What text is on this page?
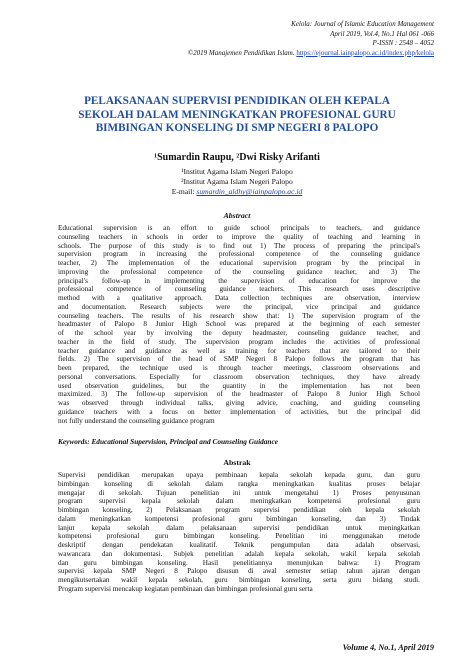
Kelola: Journal of Islamic Education Management
April 2019, Vol.4, No.1 Hal 061 -066
P-ISSN : 2548 – 4052
©2019 Manajemen Pendidikan Islam. https://ejournal.iainpalopo.ac.id/index.php/kelola
PELAKSANAAN SUPERVISI PENDIDIKAN OLEH KEPALA
SEKOLAH DALAM MENINGKATKAN PROFESIONAL GURU
BIMBINGAN KONSELING DI SMP NEGERI 8 PALOPO
¹Sumardin Raupu, ²Dwi Risky Arifanti
¹Institut Agama Islam Negeri Palopo
²Institut Agama Islam Negeri Palopo
E-mail: sumardin_aldhy@iainpalopo.ac.id
Abstract
Educational supervision is an effort to guide school principals to teachers, and guidance
counseling teachers in schools in order to improve the quality of teaching and learning in
schools. The purpose of this study is to find out 1) The process of preparing the principal's
supervision program in increasing the professional competence of the counseling guidance
teacher, 2) The implementation of the educational supervision program by the principal in
improving the professional competence of the counseling guidance teacher, and 3) The
principal's follow-up in implementing the supervision of education for improve the
professional competence of counseling guidance teachers. This research uses descriptive
method with a qualitative approach. Data collection techniques are observation, interview
and documentation. Research subjects were the principal, vice principal and guidance
counseling teachers. The results of his research show that: 1) The supervision program of the
headmaster of Palopo 8 Junior High School was prepared at the beginning of each semester
of the school year by involving the deputy headmaster, counseling guidance teacher, and
teacher in the field of study. The supervision program includes the activities of professional
teacher guidance and guidance as well as training for teachers that are tailored to their
fields. 2) The supervision of the head of SMP Negeri 8 Palopo follows the program that has
been prepared, the technique used is through teacher meetings, classroom observations and
personal conversations. Especially for classroom observation techniques, they have already
used observation guidelines, but the quantity in the implementation has not been
maximized. 3) The follow-up supervision of the headmaster of Palopo 8 Junior High School
was observed through individual talks, giving advice, coaching, and guiding counseling
guidance teachers with a focus on better implementation of activities, but the principal did
not fully understand the counseling guidance program
Keywords: Educational Supervision, Principal and Counseling Guidance
Abstrak
Supervisi pendidikan merupakan upaya pembinaan kepala sekolah kepada guru, dan guru
bimbingan konseling di sekolah dalam rangka meningkatkan kualitas proses belajar
mengajar di sekolah. Tujuan penelitian ini untuk mengetahui 1) Proses penyusunan
program supervisi kepala sekolah dalam meningkatkan kompetensi profesional guru
bimbingan konseling, 2) Pelaksanaan program supervisi pendidikan oleh kepala sekolah
dalam meningkatkan kompetensi profesional guru bimbingan konseling, dan 3) Tindak
lanjut kepala sekolah dalam pelaksanaan supervisi pendidikan untuk meningkatkan
kompetensi profesional guru bimbingan konseling. Penelitian ini menggunakan metode
deskriptif dengan pendekatan kualitatif. Teknik pengumpulan data adalah observasi,
wawancara dan dokumentasi. Subjek penelitian adalah kepala sekolah, wakil kepala sekolah
dan guru bimbingan konseling. Hasil penelitiannya menunjukan bahwa: 1) Program
supervisi kepala SMP Negeri 8 Palopo disusun di awal semester setiap tahun ajaran dengan
mengikutsertakan wakil kepala sekolah, guru bimbingan konseling, serta guru bidang studi.
Program supervisi mencakup kegiatan pembinaan dan bimbingan profesional guru serta
Volume 4, No.1, April 2019
